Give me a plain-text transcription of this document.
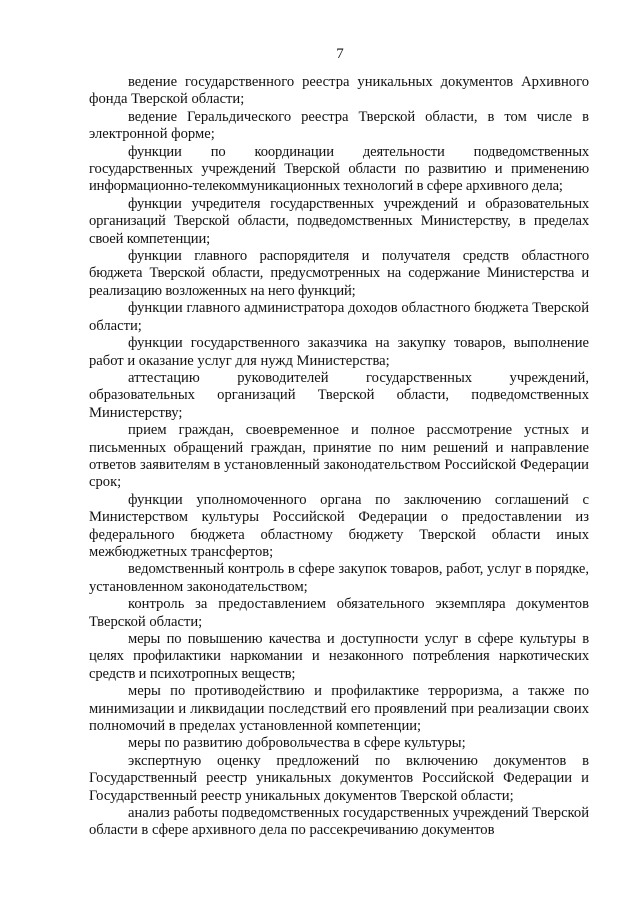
7

ведение государственного реестра уникальных документов Архивного фонда Тверской области;

ведение Геральдического реестра Тверской области, в том числе в электронной форме;

функции по координации деятельности подведомственных государственных учреждений Тверской области по развитию и применению информационно-телекоммуникационных технологий в сфере архивного дела;

функции учредителя государственных учреждений и образовательных организаций Тверской области, подведомственных Министерству, в пределах своей компетенции;

функции главного распорядителя и получателя средств областного бюджета Тверской области, предусмотренных на содержание Министерства и реализацию возложенных на него функций;

функции главного администратора доходов областного бюджета Тверской области;

функции государственного заказчика на закупку товаров, выполнение работ и оказание услуг для нужд Министерства;

аттестацию руководителей государственных учреждений, образовательных организаций Тверской области, подведомственных Министерству;

прием граждан, своевременное и полное рассмотрение устных и письменных обращений граждан, принятие по ним решений и направление ответов заявителям в установленный законодательством Российской Федерации срок;

функции уполномоченного органа по заключению соглашений с Министерством культуры Российской Федерации о предоставлении из федерального бюджета областному бюджету Тверской области иных межбюджетных трансфертов;

ведомственный контроль в сфере закупок товаров, работ, услуг в порядке, установленном законодательством;

контроль за предоставлением обязательного экземпляра документов Тверской области;

меры по повышению качества и доступности услуг в сфере культуры в целях профилактики наркомании и незаконного потребления наркотических средств и психотропных веществ;

меры по противодействию и профилактике терроризма, а также по минимизации и ликвидации последствий его проявлений при реализации своих полномочий в пределах установленной компетенции;

меры по развитию добровольчества в сфере культуры;

экспертную оценку предложений по включению документов в Государственный реестр уникальных документов Российской Федерации и Государственный реестр уникальных документов Тверской области;

анализ работы подведомственных государственных учреждений Тверской области в сфере архивного дела по рассекречиванию документов
